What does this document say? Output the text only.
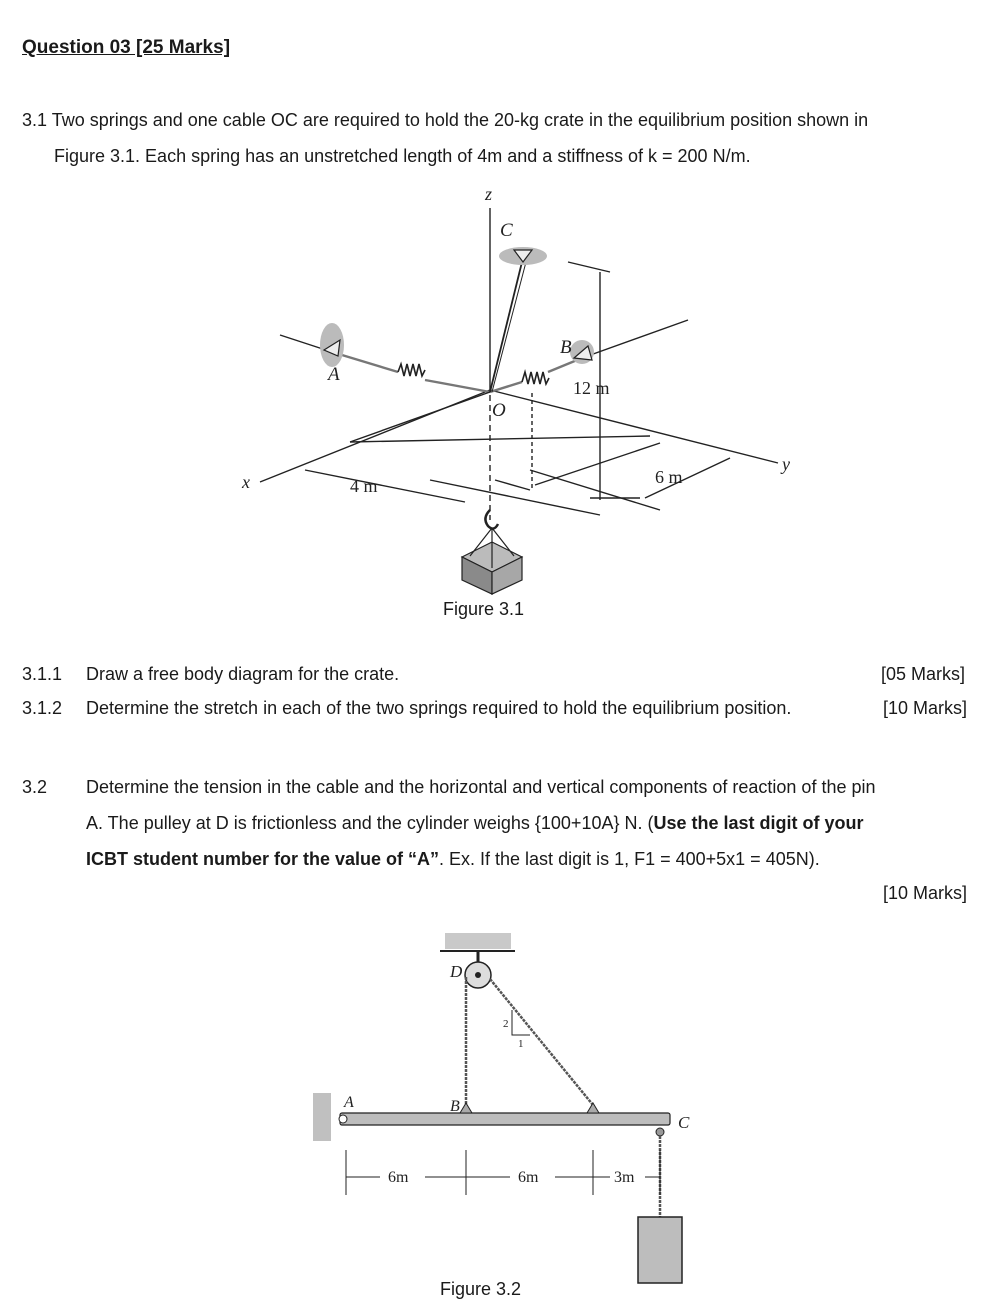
Question 03 [25 Marks]
3.1 Two springs and one cable OC are required to hold the 20-kg crate in the equilibrium position shown in
Figure 3.1. Each spring has an unstretched length of 4m and a stiffness of k = 200 N/m.
z
x
y
C
A
B
O
12 m
4 m	6 m
Figure 3.1
3.1.1 Draw a free body diagram for the crate.	[05 Marks]
3.1.2 Determine the stretch in each of the two springs required to hold the equilibrium position.	[10 Marks]
3.2 Determine the tension in the cable and the horizontal and vertical components of reaction of the pin
A. The pulley at D is frictionless and the cylinder weighs {100+10A} N. (Use the last digit of your
ICBT student number for the value of “A”. Ex. If the last digit is 1, F1 = 400+5x1 = 405N).
[10 Marks]
D
A	B
C
2
1
6m	6m	3m
Figure 3.2
